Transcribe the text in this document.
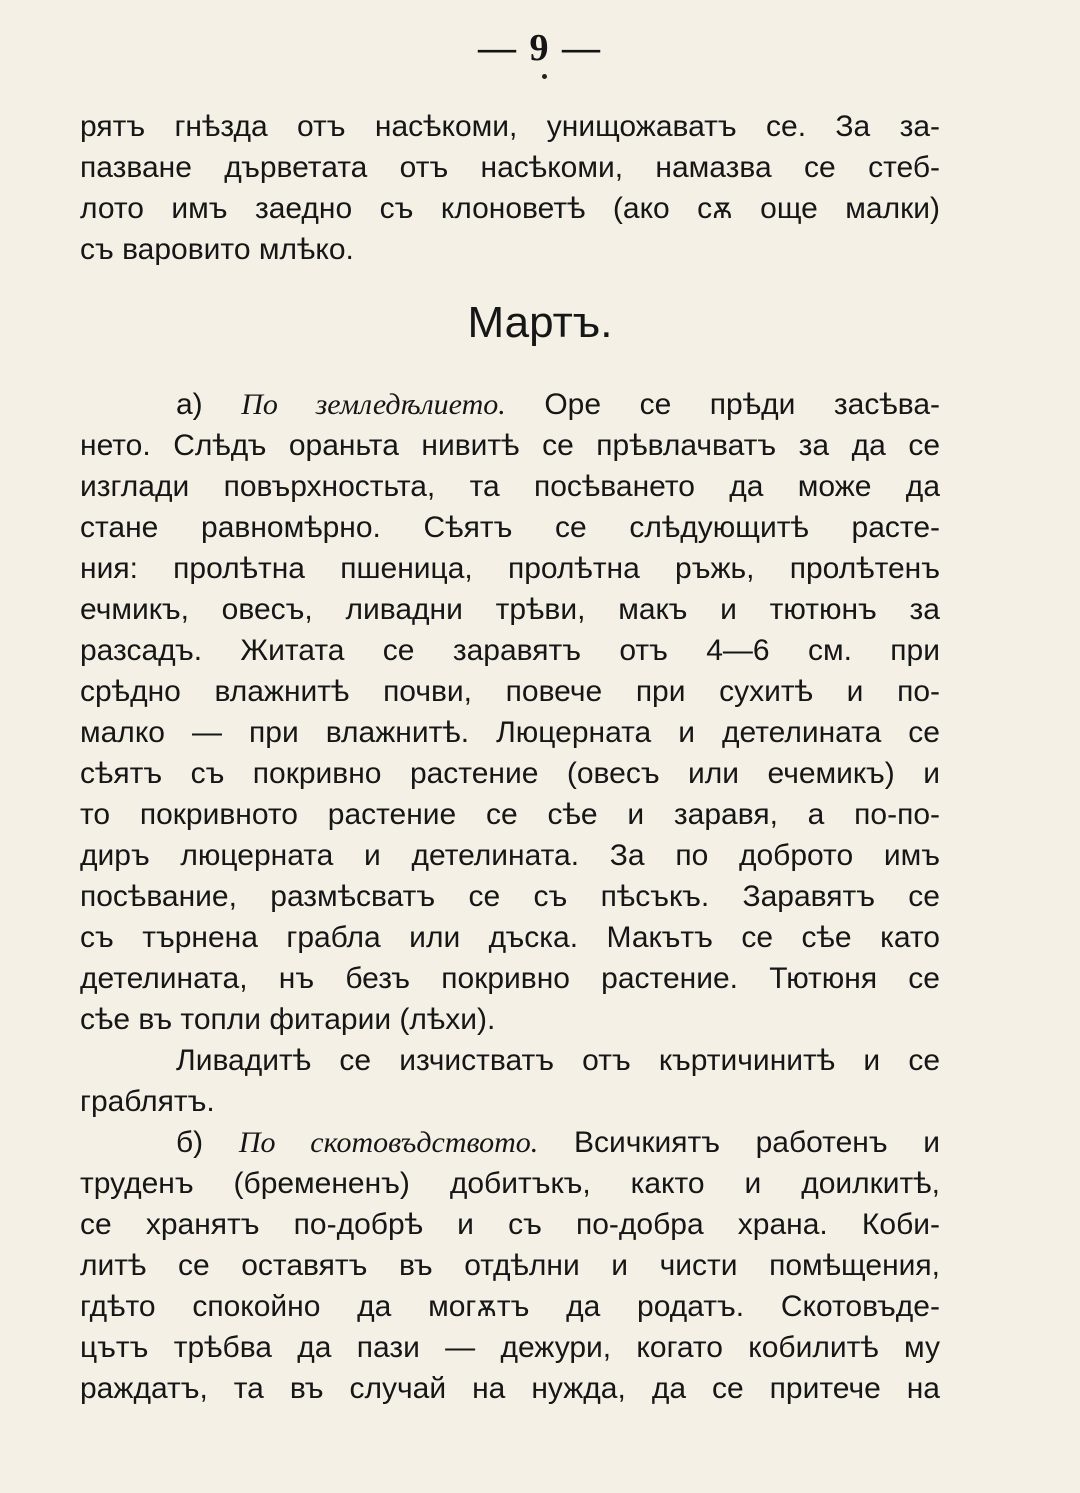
— 9 —
рятъ гнѣзда отъ насѣкоми, унищожаватъ се. За за-
пазване дърветата отъ насѣкоми, намазва се стеб-
лото имъ заедно съ клоноветѣ (ако сѫ още малки)
съ варовито млѣко.
Мартъ.
а) По земледѣлието. Оре се прѣди засѣва-
нето. Слѣдъ ораньта нивитѣ се прѣвлачватъ за да се
изглади повърхностьта, та посѣването да може да
стане равномѣрно. Сѣятъ се слѣдующитѣ расте-
ния: пролѣтна пшеница, пролѣтна ръжь, пролѣтенъ
ечмикъ, овесъ, ливадни трѣви, макъ и тютюнъ за
разсадъ. Житата се заравятъ отъ 4—6 см. при
срѣдно влажнитѣ почви, повече при сухитѣ и по-
малко — при влажнитѣ. Люцерната и детелината се
сѣятъ съ покривно растение (овесъ или ечемикъ) и
то покривното растение се сѣе и заравя, а по-по-
диръ люцерната и детелината. За по доброто имъ
посѣвание, размѣсватъ се съ пѣсъкъ. Заравятъ се
съ търнена грабла или дъска. Макътъ се сѣе като
детелината, нъ безъ покривно растение. Тютюня се
сѣе въ топли фитарии (лѣхи).
Ливадитѣ се изчистватъ отъ къртичинитѣ и се
граблятъ.
б) По скотовъдството. Всичкиятъ работенъ и
труденъ (бремененъ) добитъкъ, както и доилкитѣ,
се хранятъ по-добрѣ и съ по-добра храна. Коби-
литѣ се оставятъ въ отдѣлни и чисти помѣщения,
гдѣто спокойно да могѫтъ да родатъ. Скотовъде-
цътъ трѣбва да пази — дежури, когато кобилитѣ му
раждатъ, та въ случай на нужда, да се притече на
